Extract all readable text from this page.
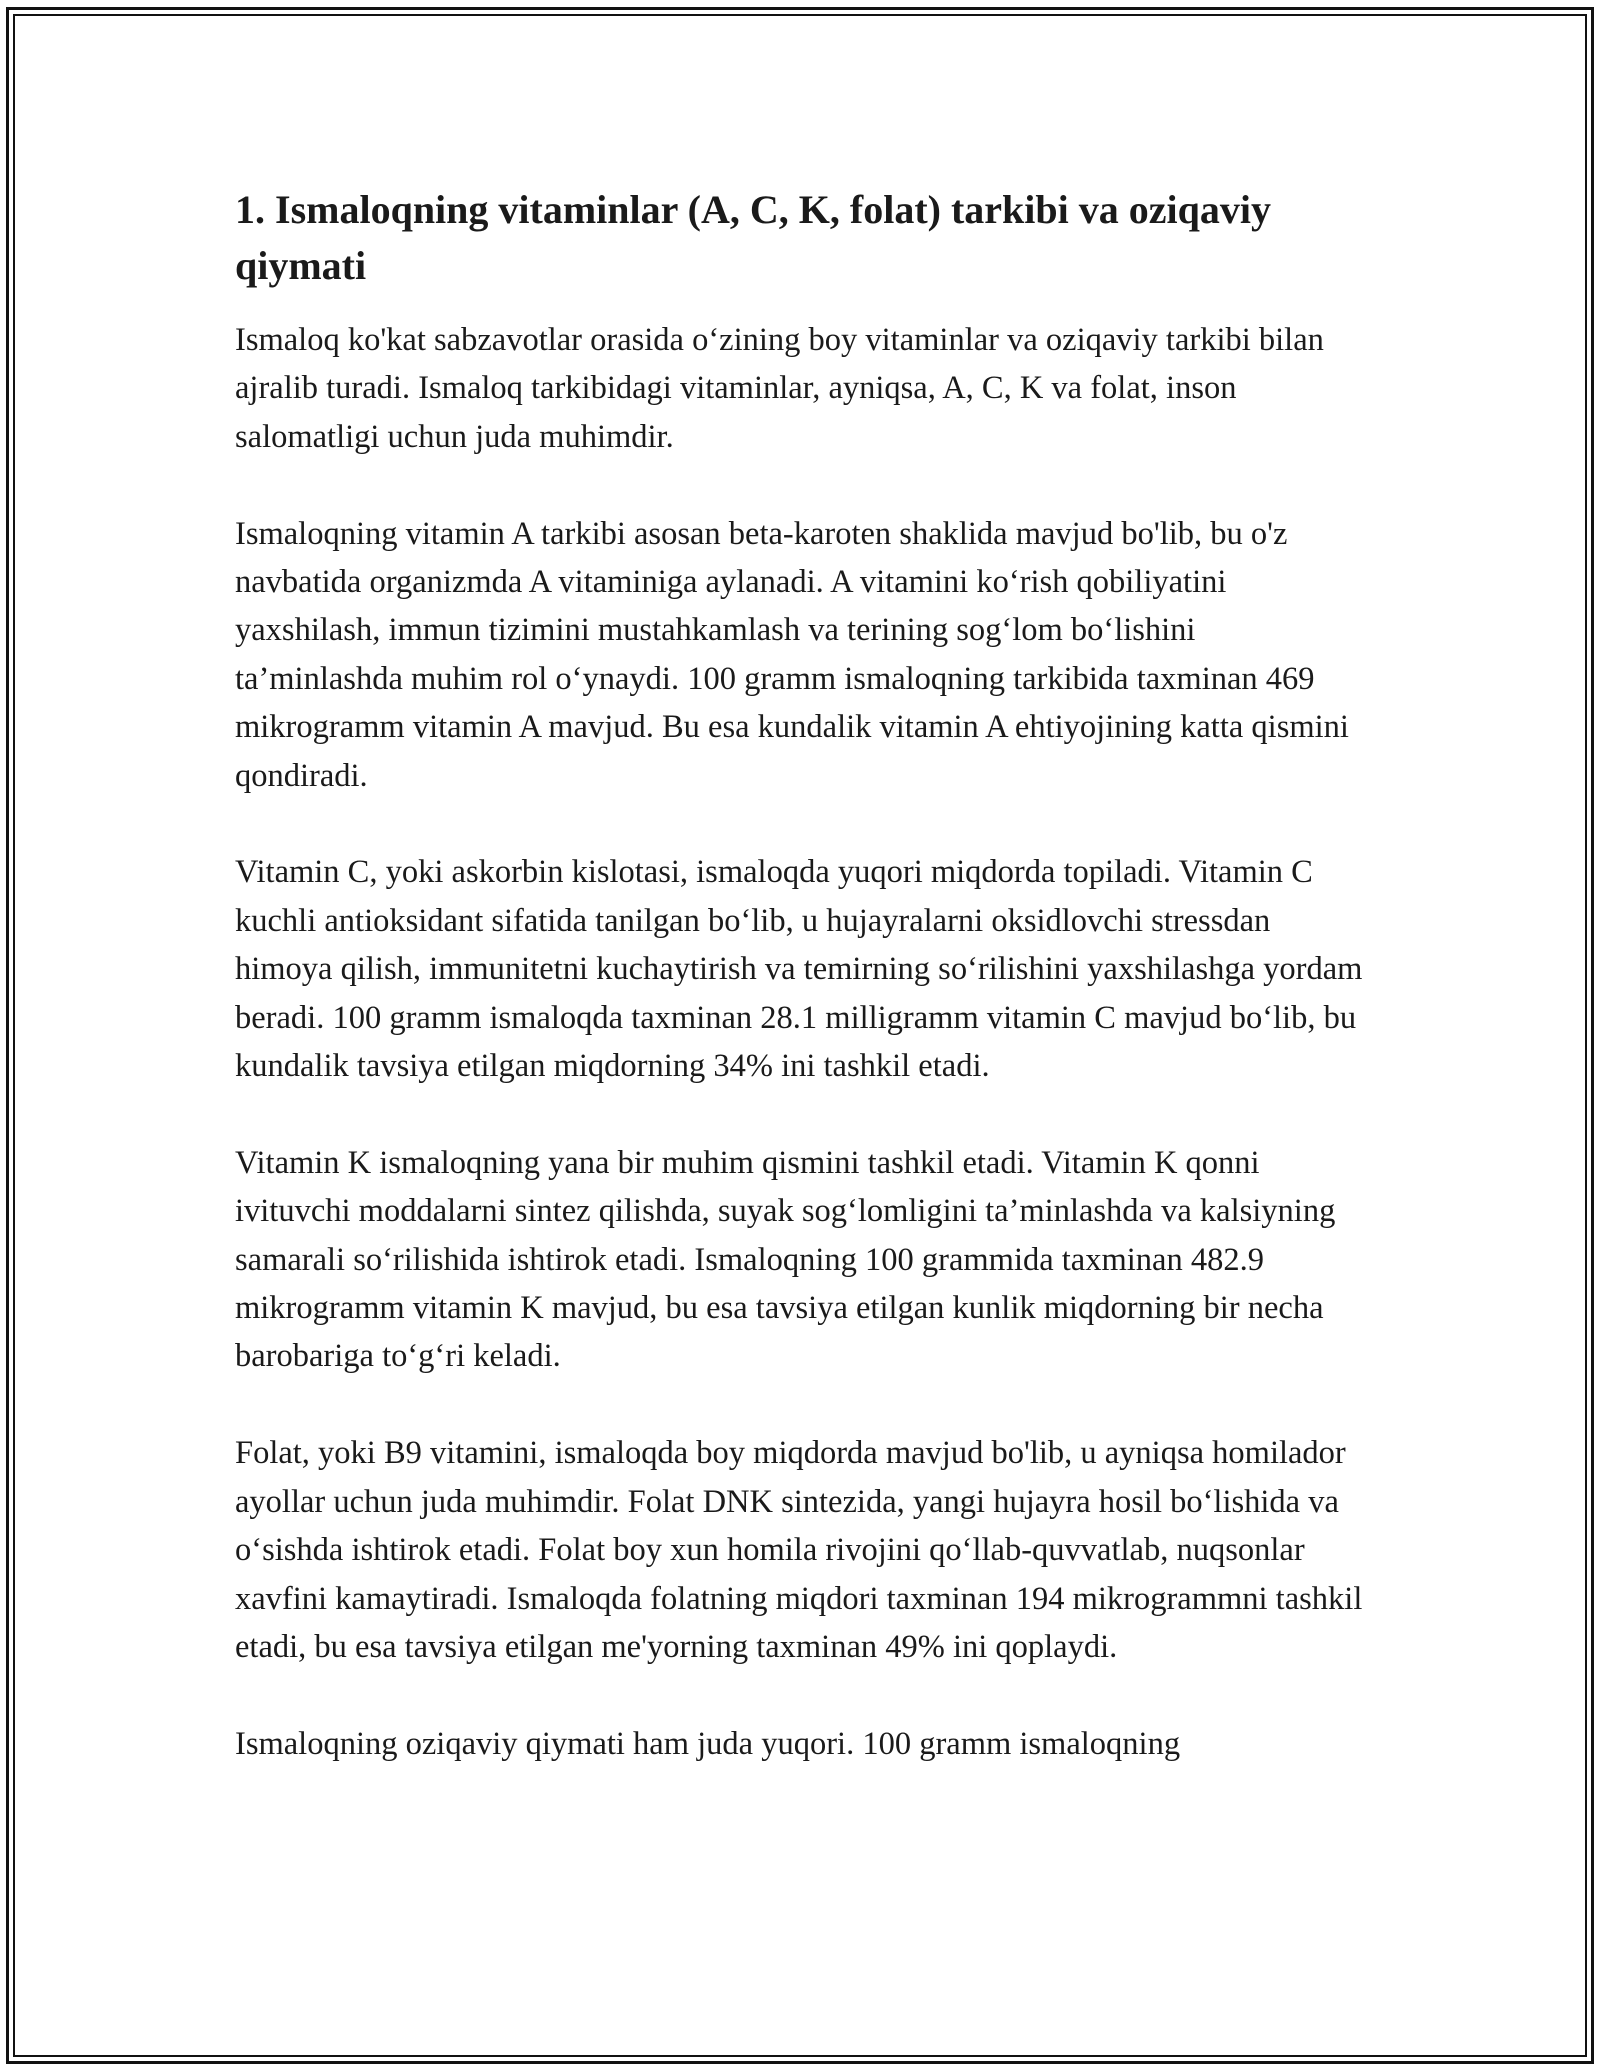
1. Ismaloqning vitaminlar (A, C, K, folat) tarkibi va oziqaviy qiymati

Ismaloq ko'kat sabzavotlar orasida o‘zining boy vitaminlar va oziqaviy tarkibi bilan ajralib turadi. Ismaloq tarkibidagi vitaminlar, ayniqsa, A, C, K va folat, inson salomatligi uchun juda muhimdir.

Ismaloqning vitamin A tarkibi asosan beta-karoten shaklida mavjud bo'lib, bu o'z navbatida organizmda A vitaminiga aylanadi. A vitamini ko‘rish qobiliyatini yaxshilash, immun tizimini mustahkamlash va terining sog‘lom bo‘lishini ta’minlashda muhim rol o‘ynaydi. 100 gramm ismaloqning tarkibida taxminan 469 mikrogramm vitamin A mavjud. Bu esa kundalik vitamin A ehtiyojining katta qismini qondiradi.

Vitamin C, yoki askorbin kislotasi, ismaloqda yuqori miqdorda topiladi. Vitamin C kuchli antioksidant sifatida tanilgan bo‘lib, u hujayralarni oksidlovchi stressdan himoya qilish, immunitetni kuchaytirish va temirning so‘rilishini yaxshilashga yordam beradi. 100 gramm ismaloqda taxminan 28.1 milligramm vitamin C mavjud bo‘lib, bu kundalik tavsiya etilgan miqdorning 34% ini tashkil etadi.

Vitamin K ismaloqning yana bir muhim qismini tashkil etadi. Vitamin K qonni ivituvchi moddalarni sintez qilishda, suyak sog‘lomligini ta’minlashda va kalsiyning samarali so‘rilishida ishtirok etadi. Ismaloqning 100 grammida taxminan 482.9 mikrogramm vitamin K mavjud, bu esa tavsiya etilgan kunlik miqdorning bir necha barobariga to‘g‘ri keladi.

Folat, yoki B9 vitamini, ismaloqda boy miqdorda mavjud bo'lib, u ayniqsa homilador ayollar uchun juda muhimdir. Folat DNK sintezida, yangi hujayra hosil bo‘lishida va o‘sishda ishtirok etadi. Folat boy xun homila rivojini qo‘llab-quvvatlab, nuqsonlar xavfini kamaytiradi. Ismaloqda folatning miqdori taxminan 194 mikrogrammni tashkil etadi, bu esa tavsiya etilgan me'yorning taxminan 49% ini qoplaydi.

Ismaloqning oziqaviy qiymati ham juda yuqori. 100 gramm ismaloqning
